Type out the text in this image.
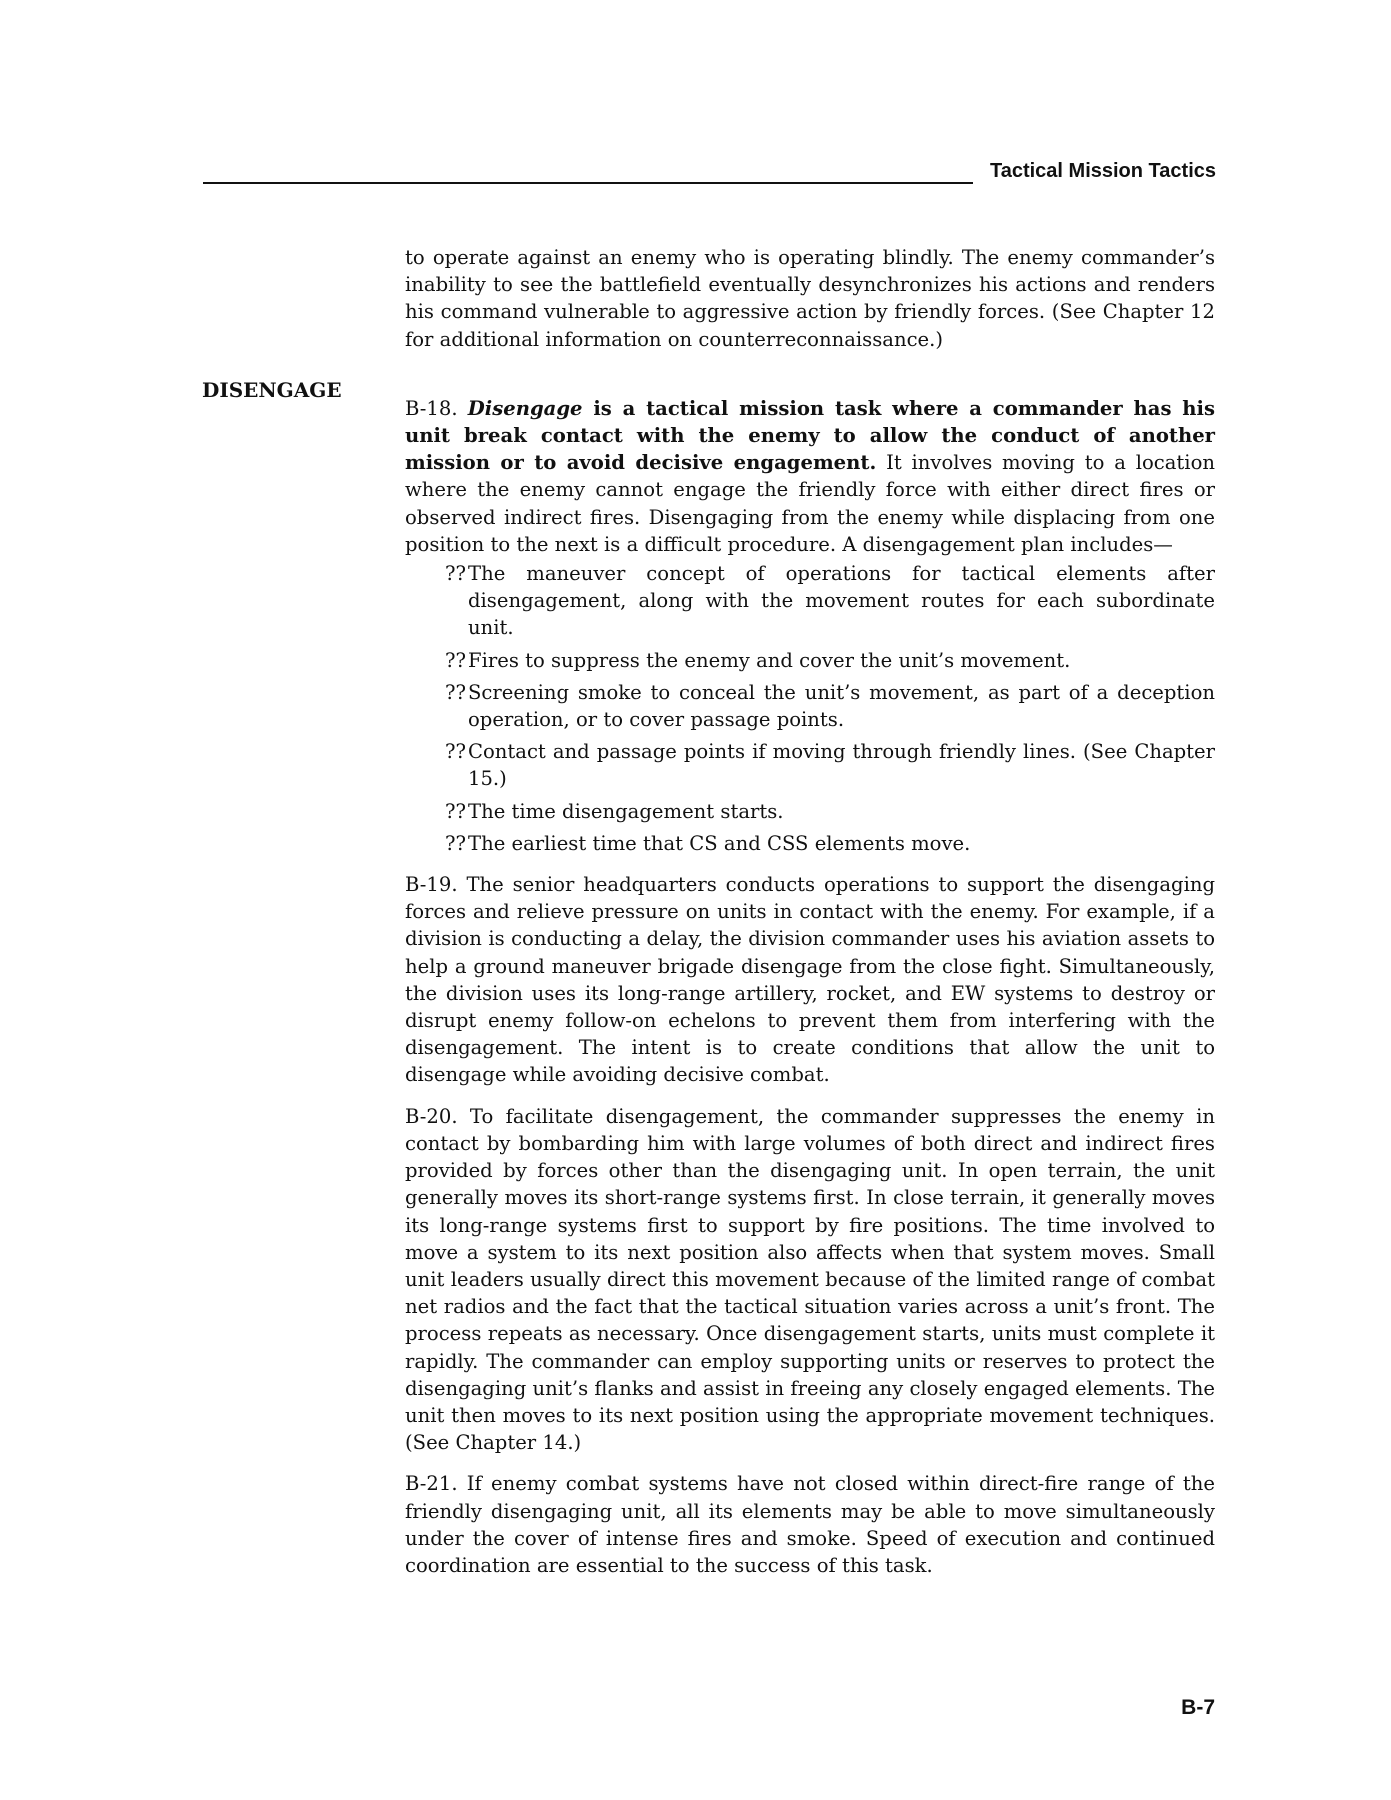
Tactical Mission Tactics
DISENGAGE

to operate against an enemy who is operating blindly. The enemy commander’s inability to see the battlefield eventually desynchronizes his actions and renders his command vulnerable to aggressive action by friendly forces. (See Chapter 12 for additional information on counterreconnaissance.)

B-18. Disengage is a tactical mission task where a commander has his unit break contact with the enemy to allow the conduct of another mission or to avoid decisive engagement. It involves moving to a location where the enemy cannot engage the friendly force with either direct fires or observed indirect fires. Disengaging from the enemy while displacing from one position to the next is a difficult procedure. A disengagement plan includes—

?? The maneuver concept of operations for tactical elements after disengagement, along with the movement routes for each subordinate unit.
?? Fires to suppress the enemy and cover the unit’s movement.
?? Screening smoke to conceal the unit’s movement, as part of a deception operation, or to cover passage points.
?? Contact and passage points if moving through friendly lines. (See Chapter 15.)
?? The time disengagement starts.
?? The earliest time that CS and CSS elements move.

B-19. The senior headquarters conducts operations to support the disengaging forces and relieve pressure on units in contact with the enemy. For example, if a division is conducting a delay, the division commander uses his aviation assets to help a ground maneuver brigade disengage from the close fight. Simultaneously, the division uses its long-range artillery, rocket, and EW systems to destroy or disrupt enemy follow-on echelons to prevent them from interfering with the disengagement. The intent is to create conditions that allow the unit to disengage while avoiding decisive combat.

B-20. To facilitate disengagement, the commander suppresses the enemy in contact by bombarding him with large volumes of both direct and indirect fires provided by forces other than the disengaging unit. In open terrain, the unit generally moves its short-range systems first. In close terrain, it generally moves its long-range systems first to support by fire positions. The time involved to move a system to its next position also affects when that system moves. Small unit leaders usually direct this movement because of the limited range of combat net radios and the fact that the tactical situation varies across a unit’s front. The process repeats as necessary. Once disengagement starts, units must complete it rapidly. The commander can employ supporting units or reserves to protect the disengaging unit’s flanks and assist in freeing any closely engaged elements. The unit then moves to its next position using the appropriate movement techniques. (See Chapter 14.)

B-21. If enemy combat systems have not closed within direct-fire range of the friendly disengaging unit, all its elements may be able to move simultaneously under the cover of intense fires and smoke. Speed of execution and continued coordination are essential to the success of this task.

B-7
